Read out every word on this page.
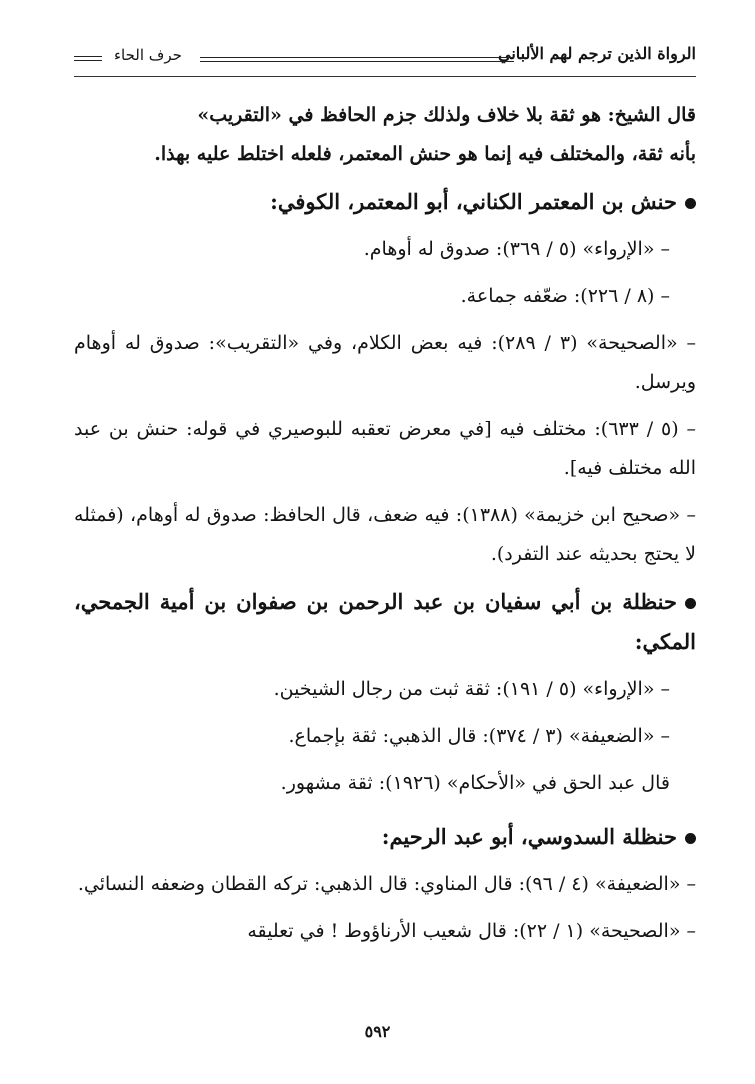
الرواة الذين ترجم لهم الألباني
حرف الحاء

قال الشيخ: هو ثقة بلا خلاف ولذلك جزم الحافظ في «التقريب»

بأنه ثقة، والمختلف فيه إنما هو حنش المعتمر، فلعله اختلط عليه بهذا.

حنش بن المعتمر الكناني، أبو المعتمر، الكوفي:

– «الإرواء» (٥ / ٣٦٩): صدوق له أوهام.

– (٨ / ٢٢٦): ضعّفه جماعة.

– «الصحيحة» (٣ / ٢٨٩): فيه بعض الكلام، وفي «التقريب»: صدوق له أوهام ويرسل.

– (٥ / ٦٣٣): مختلف فيه [في معرض تعقبه للبوصيري في قوله: حنش بن عبد الله مختلف فيه].

– «صحيح ابن خزيمة» (١٣٨٨): فيه ضعف، قال الحافظ: صدوق له أوهام، (فمثله لا يحتج بحديثه عند التفرد).

حنظلة بن أبي سفيان بن عبد الرحمن بن صفوان بن أمية الجمحي، المكي:

– «الإرواء» (٥ / ١٩١): ثقة ثبت من رجال الشيخين.

– «الضعيفة» (٣ / ٣٧٤): قال الذهبي: ثقة بإجماع.

قال عبد الحق في «الأحكام» (١٩٢٦): ثقة مشهور.

حنظلة السدوسي، أبو عبد الرحيم:

– «الضعيفة» (٤ / ٩٦): قال المناوي: قال الذهبي: تركه القطان وضعفه النسائي.

– «الصحيحة» (١ / ٢٢): قال شعيب الأرناؤوط ! في تعليقه

٥٩٢
